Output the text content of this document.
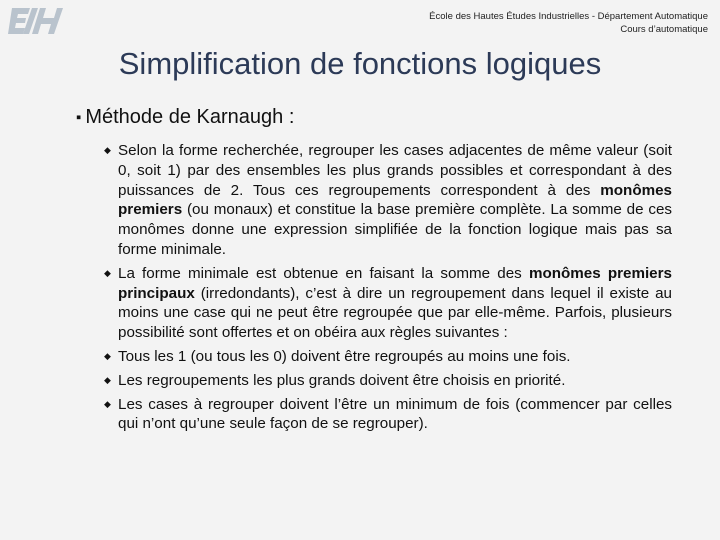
École des Hautes Études Industrielles - Département Automatique
Cours d’automatique
Simplification de fonctions logiques
▪ Méthode de Karnaugh :
◆ Selon la forme recherchée, regrouper les cases adjacentes de même valeur (soit 0, soit 1) par des ensembles les plus grands possibles et correspondant à des puissances de 2. Tous ces regroupements correspondent à des monômes premiers (ou monaux) et constitue la base première complète. La somme de ces monômes donne une expression simplifiée de la fonction logique mais pas sa forme minimale.
◆ La forme minimale est obtenue en faisant la somme des monômes premiers principaux (irredondants), c’est à dire un regroupement dans lequel il existe au moins une case qui ne peut être regroupée que par elle-même. Parfois, plusieurs possibilité sont offertes et on obéira aux règles suivantes :
◆ Tous les 1 (ou tous les 0) doivent être regroupés au moins une fois.
◆ Les regroupements les plus grands doivent être choisis en priorité.
◆ Les cases à regrouper doivent l’être un minimum de fois (commencer par celles qui n’ont qu’une seule façon de se regrouper).
